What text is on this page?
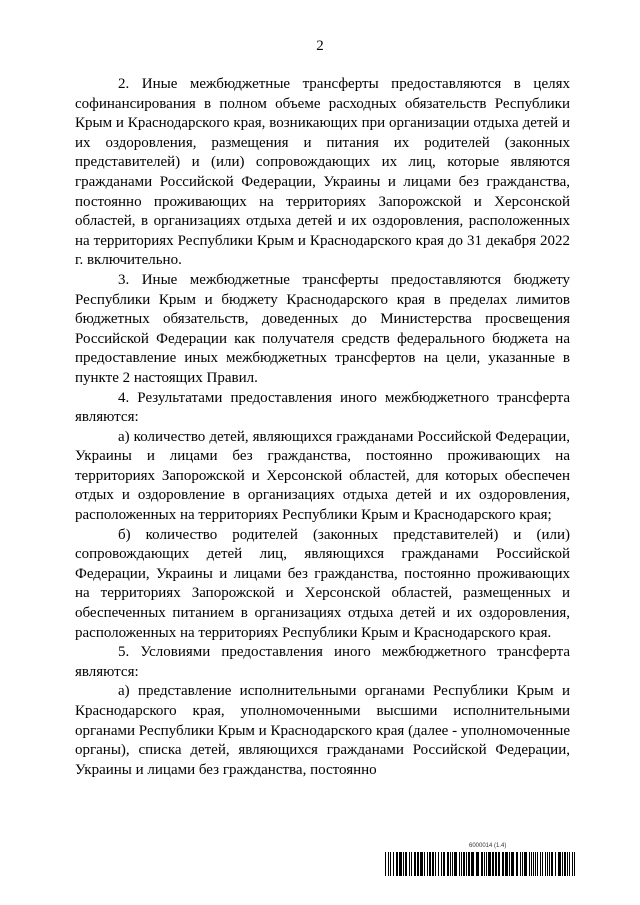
2

2. Иные межбюджетные трансферты предоставляются в целях софинансирования в полном объеме расходных обязательств Республики Крым и Краснодарского края, возникающих при организации отдыха детей и их оздоровления, размещения и питания их родителей (законных представителей) и (или) сопровождающих их лиц, которые являются гражданами Российской Федерации, Украины и лицами без гражданства, постоянно проживающих на территориях Запорожской и Херсонской областей, в организациях отдыха детей и их оздоровления, расположенных на территориях Республики Крым и Краснодарского края до 31 декабря 2022 г. включительно.

3. Иные межбюджетные трансферты предоставляются бюджету Республики Крым и бюджету Краснодарского края в пределах лимитов бюджетных обязательств, доведенных до Министерства просвещения Российской Федерации как получателя средств федерального бюджета на предоставление иных межбюджетных трансфертов на цели, указанные в пункте 2 настоящих Правил.

4. Результатами предоставления иного межбюджетного трансферта являются:

а) количество детей, являющихся гражданами Российской Федерации, Украины и лицами без гражданства, постоянно проживающих на территориях Запорожской и Херсонской областей, для которых обеспечен отдых и оздоровление в организациях отдыха детей и их оздоровления, расположенных на территориях Республики Крым и Краснодарского края;

б) количество родителей (законных представителей) и (или) сопровождающих детей лиц, являющихся гражданами Российской Федерации, Украины и лицами без гражданства, постоянно проживающих на территориях Запорожской и Херсонской областей, размещенных и обеспеченных питанием в организациях отдыха детей и их оздоровления, расположенных на территориях Республики Крым и Краснодарского края.

5. Условиями предоставления иного межбюджетного трансферта являются:

а) представление исполнительными органами Республики Крым и Краснодарского края, уполномоченными высшими исполнительными органами Республики Крым и Краснодарского края (далее - уполномоченные органы), списка детей, являющихся гражданами Российской Федерации, Украины и лицами без гражданства, постоянно

6000014 (1.4)
